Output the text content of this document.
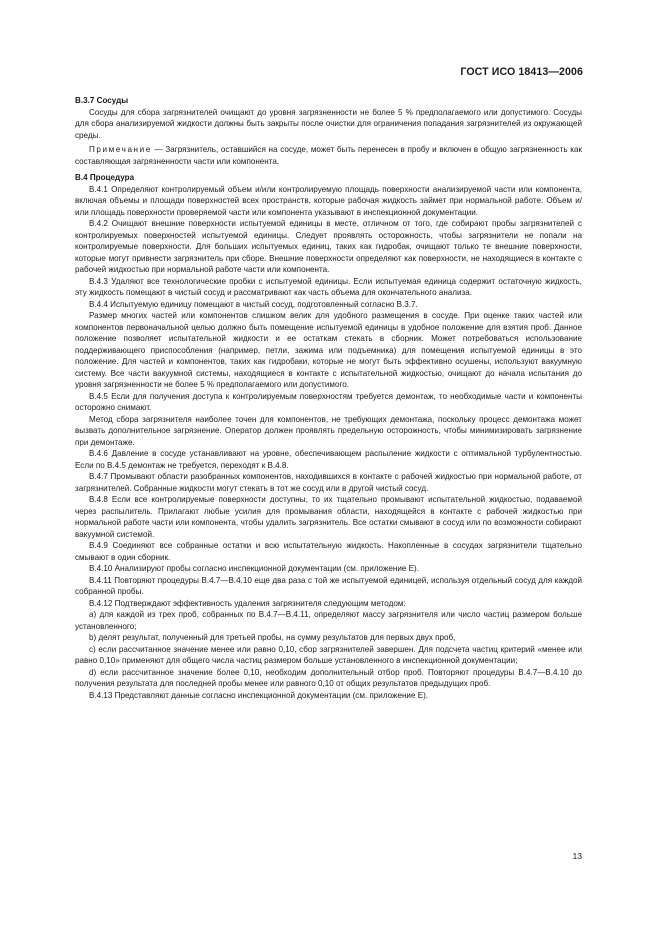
ГОСТ ИСО 18413—2006

B.3.7 Сосуды

Сосуды для сбора загрязнителей очищают до уровня загрязненности не более 5 % предполагаемого или допустимого. Сосуды для сбора анализируемой жидкости должны быть закрыты после очистки для ограничения попадания загрязнителей из окружающей среды.

Примечание — Загрязнитель, оставшийся на сосуде, может быть перенесен в пробу и включен в общую загрязненность как составляющая загрязненности части или компонента.

B.4 Процедура

B.4.1 Определяют контролируемый объем и/или контролируемую площадь поверхности анализируемой части или компонента, включая объемы и площади поверхностей всех пространств, которые рабочая жидкость займет при нормальной работе. Объем и/или площадь поверхности проверяемой части или компонента указывают в инспекционной документации.

B.4.2 Очищают внешние поверхности испытуемой единицы в месте, отличном от того, где собирают пробы загрязнителей с контролируемых поверхностей испытуемой единицы. Следует проявлять осторожность, чтобы загрязнители не попали на контролируемые поверхности. Для больших испытуемых единиц, таких как гидробак, очищают только те внешние поверхности, которые могут привнести загрязнитель при сборе. Внешние поверхности определяют как поверхности, не находящиеся в контакте с рабочей жидкостью при нормальной работе части или компонента.

B.4.3 Удаляют все технологические пробки с испытуемой единицы. Если испытуемая единица содержит остаточную жидкость, эту жидкость помещают в чистый сосуд и рассматривают как часть объема для окончательного анализа.

B.4.4 Испытуемую единицу помещают в чистый сосуд, подготовленный согласно B.3.7.

Размер многих частей или компонентов слишком велик для удобного размещения в сосуде. При оценке таких частей или компонентов первоначальной целью должно быть помещение испытуемой единицы в удобное положение для взятия проб. Данное положение позволяет испытательной жидкости и ее остаткам стекать в сборник. Может потребоваться использование поддерживающего приспособления (например, петли, зажима или подъемника) для помещения испытуемой единицы в это положение. Для частей и компонентов, таких как гидробаки, которые не могут быть эффективно осушены, используют вакуумную систему. Все части вакуумной системы, находящиеся в контакте с испытательной жидкостью, очищают до начала испытания до уровня загрязненности не более 5 % предполагаемого или допустимого.

B.4.5 Если для получения доступа к контролируемым поверхностям требуется демонтаж, то необходимые части и компоненты осторожно снимают.

Метод сбора загрязнителя наиболее точен для компонентов, не требующих демонтажа, поскольку процесс демонтажа может вызвать дополнительное загрязнение. Оператор должен проявлять предельную осторожность, чтобы минимизировать загрязнение при демонтаже.

B.4.6 Давление в сосуде устанавливают на уровне, обеспечивающем распыление жидкости с оптимальной турбулентностью. Если по B.4.5 демонтаж не требуется, переходят к B.4.8.

B.4.7 Промывают области разобранных компонентов, находившихся в контакте с рабочей жидкостью при нормальной работе, от загрязнителей. Собранные жидкости могут стекать в тот же сосуд или в другой чистый сосуд.

B.4.8 Если все контролируемые поверхности доступны, то их тщательно промывают испытательной жидкостью, подаваемой через распылитель. Прилагают любые усилия для промывания области, находящейся в контакте с рабочей жидкостью при нормальной работе части или компонента, чтобы удалить загрязнитель. Все остатки смывают в сосуд или по возможности собирают вакуумной системой.

B.4.9 Соединяют все собранные остатки и всю испытательную жидкость. Накопленные в сосудах загрязнители тщательно смывают в один сборник.

B.4.10 Анализируют пробы согласно инспекционной документации (см. приложение E).

B.4.11 Повторяют процедуры B.4.7—B.4.10 еще два раза с той же испытуемой единицей, используя отдельный сосуд для каждой собранной пробы.

B.4.12 Подтверждают эффективность удаления загрязнителя следующим методом:

a) для каждой из трех проб, собранных по B.4.7—B.4.11, определяют массу загрязнителя или число частиц размером больше установленного;

b) делят результат, полученный для третьей пробы, на сумму результатов для первых двух проб,

c) если рассчитанное значение менее или равно 0,10, сбор загрязнителей завершен. Для подсчета частиц критерий «менее или равно 0,10» применяют для общего числа частиц размером больше установленного в инспекционной документации;

d) если рассчитанное значение более 0,10, необходим дополнительный отбор проб. Повторяют процедуры B.4.7—B.4.10 до получения результата для последней пробы менее или равного 0,10 от общих результатов предыдущих проб.

B.4.13 Представляют данные согласно инспекционной документации (см. приложение E).

13
